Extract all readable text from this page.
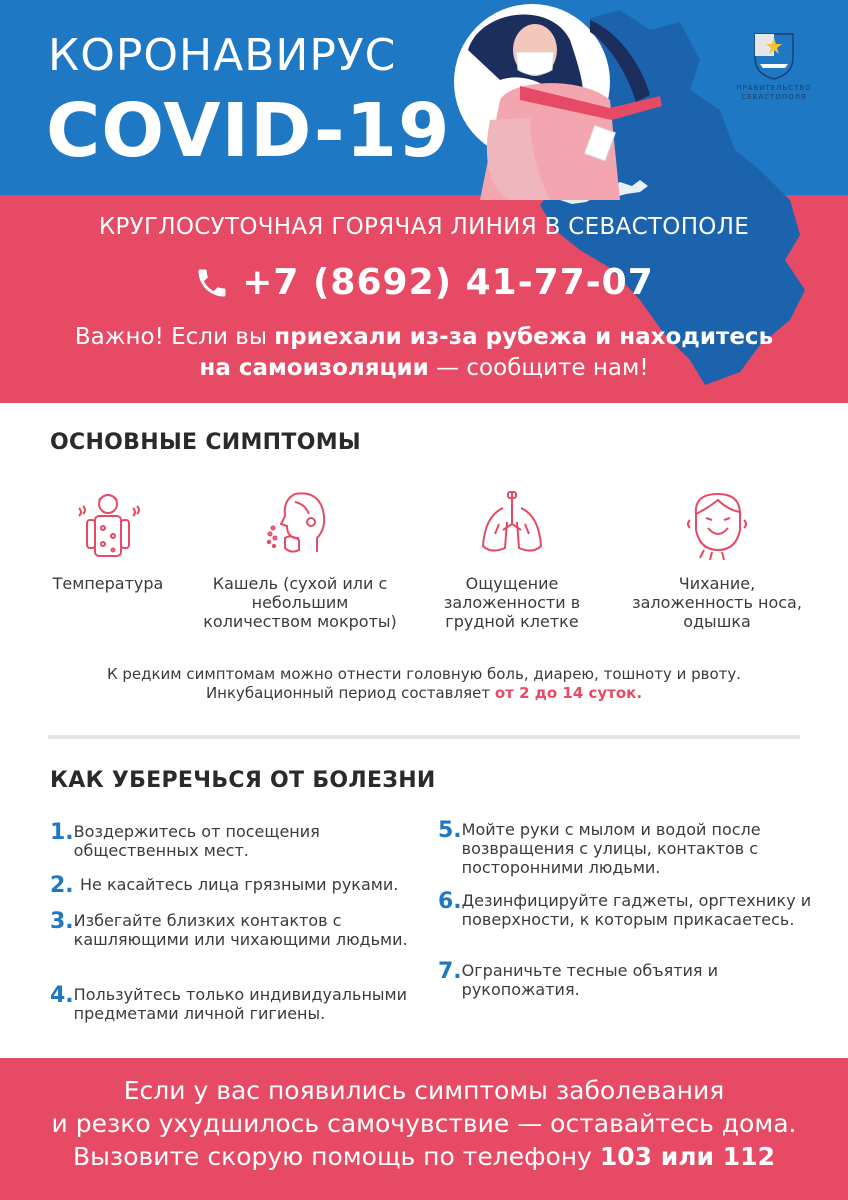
КОРОНАВИРУС
COVID-19	ПРАВИТЕЛЬСТВО
СЕВАСТОПОЛЯ
КРУГЛОСУТОЧНАЯ ГОРЯЧАЯ ЛИНИЯ В СЕВАСТОПОЛЕ
+7 (8692) 41-77-07
Важно! Если вы приехали из-за рубежа и находитесь
на самоизоляции — сообщите нам!
ОСНОВНЫЕ СИМПТОМЫ
Температура	Кашель (сухой или с небольшим количеством мокроты)
Ощущение заложенности в грудной клетке
Чихание, заложенность носа, одышка
К редким симптомам можно отнести головную боль, диарею, тошноту и рвоту.
Инкубационный период составляет от 2 до 14 суток.
КАК УБЕРЕЧЬСЯ ОТ БОЛЕЗНИ
1. Воздержитесь от посещения общественных мест.
2. Не касайтесь лица грязными руками.
3. Избегайте близких контактов с кашляющими или чихающими людьми.
4. Пользуйтесь только индивидуальными предметами личной гигиены.
5. Мойте руки с мылом и водой после возвращения с улицы, контактов с посторонними людьми.
6. Дезинфицируйте гаджеты, оргтехнику и поверхности, к которым прикасаетесь.
7. Ограничьте тесные объятия и рукопожатия.
Если у вас появились симптомы заболевания
и резко ухудшилось самочувствие — оставайтесь дома.
Вызовите скорую помощь по телефону 103 или 112
